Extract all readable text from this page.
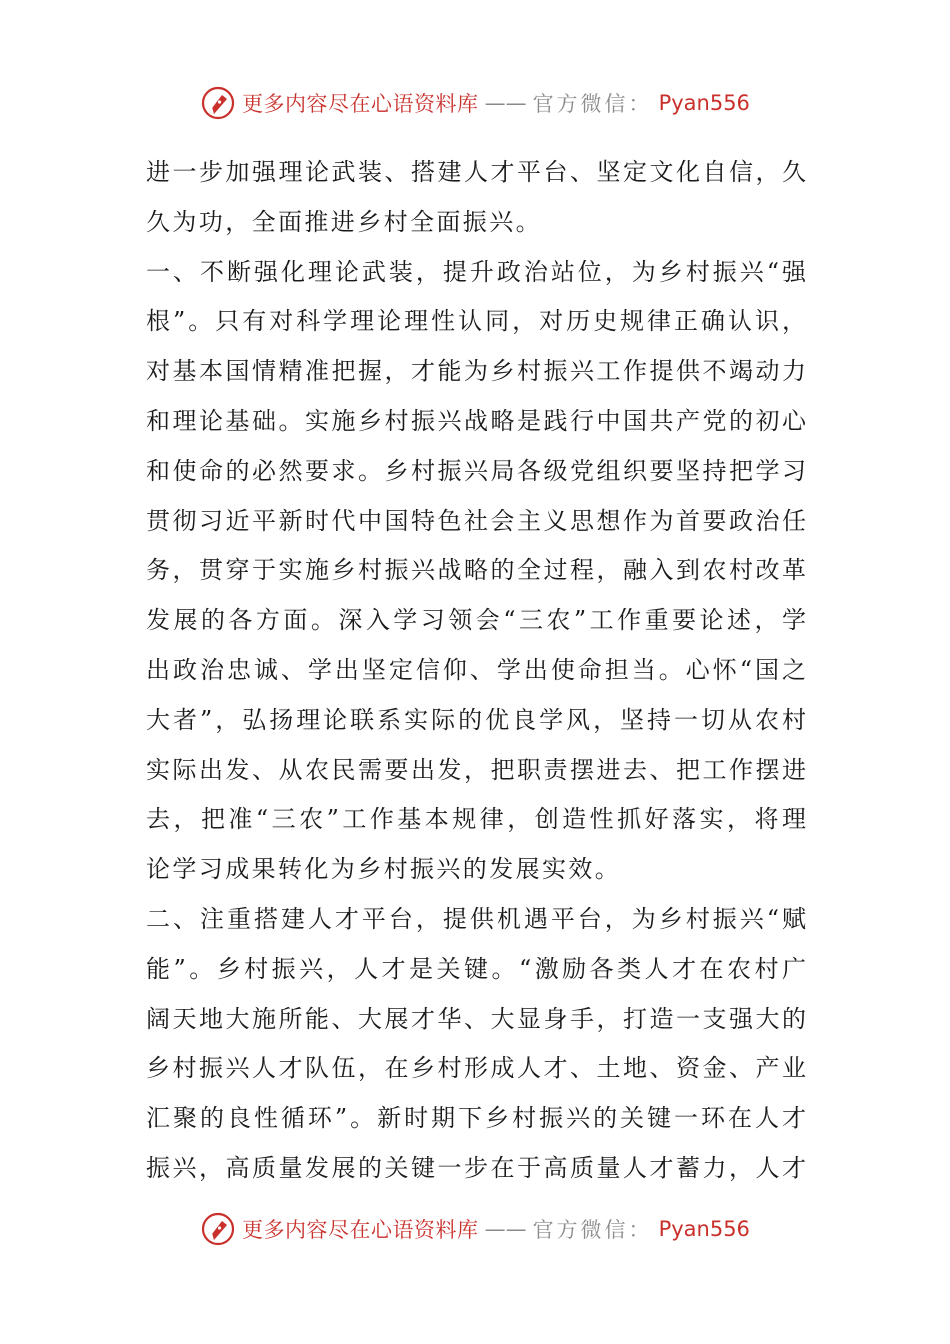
更多内容尽在心语资料库 —— 官方微信： Pyan556
进一步加强理论武装、搭建人才平台、坚定文化自信，久
久为功，全面推进乡村全面振兴。
一、不断强化理论武装，提升政治站位，为乡村振兴“强
根”。只有对科学理论理性认同，对历史规律正确认识，
对基本国情精准把握，才能为乡村振兴工作提供不竭动力
和理论基础。实施乡村振兴战略是践行中国共产党的初心
和使命的必然要求。乡村振兴局各级党组织要坚持把学习
贯彻习近平新时代中国特色社会主义思想作为首要政治任
务，贯穿于实施乡村振兴战略的全过程，融入到农村改革
发展的各方面。深入学习领会“三农”工作重要论述，学
出政治忠诚、学出坚定信仰、学出使命担当。心怀“国之
大者”，弘扬理论联系实际的优良学风，坚持一切从农村
实际出发、从农民需要出发，把职责摆进去、把工作摆进
去，把准“三农”工作基本规律，创造性抓好落实，将理
论学习成果转化为乡村振兴的发展实效。
二、注重搭建人才平台，提供机遇平台，为乡村振兴“赋
能”。乡村振兴，人才是关键。“激励各类人才在农村广
阔天地大施所能、大展才华、大显身手，打造一支强大的
乡村振兴人才队伍，在乡村形成人才、土地、资金、产业
汇聚的良性循环”。新时期下乡村振兴的关键一环在人才
振兴，高质量发展的关键一步在于高质量人才蓄力，人才
更多内容尽在心语资料库 —— 官方微信： Pyan556
